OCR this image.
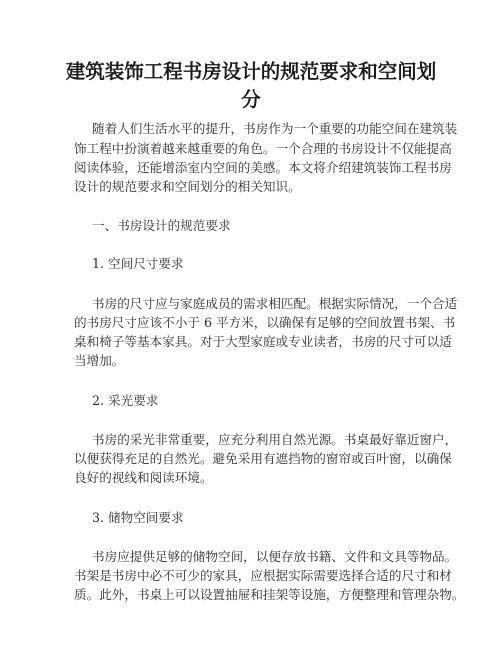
建筑装饰工程书房设计的规范要求和空间划
分
随着人们生活水平的提升，书房作为一个重要的功能空间在建筑装
饰工程中扮演着越来越重要的角色。一个合理的书房设计不仅能提高
阅读体验，还能增添室内空间的美感。本文将介绍建筑装饰工程书房
设计的规范要求和空间划分的相关知识。
一、书房设计的规范要求
1. 空间尺寸要求
书房的尺寸应与家庭成员的需求相匹配。根据实际情况，一个合适
的书房尺寸应该不小于 6 平方米，以确保有足够的空间放置书架、书
桌和椅子等基本家具。对于大型家庭或专业读者，书房的尺寸可以适
当增加。
2. 采光要求
书房的采光非常重要，应充分利用自然光源。书桌最好靠近窗户，
以便获得充足的自然光。避免采用有遮挡物的窗帘或百叶窗，以确保
良好的视线和阅读环境。
3. 储物空间要求
书房应提供足够的储物空间，以便存放书籍、文件和文具等物品。
书架是书房中必不可少的家具，应根据实际需要选择合适的尺寸和材
质。此外，书桌上可以设置抽屉和挂架等设施，方便整理和管理杂物。
